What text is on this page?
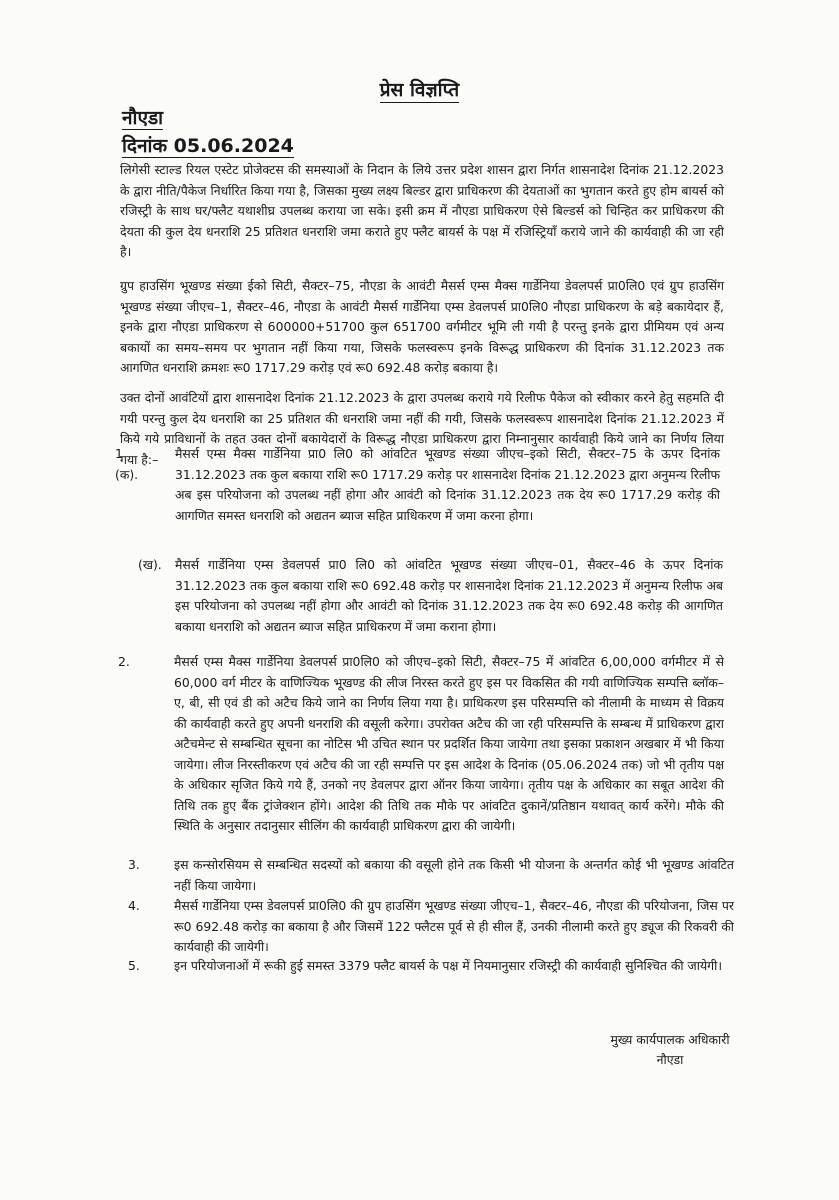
प्रेस विज्ञप्ति
नौएडा
दिनांक 05.06.2024
लिगेसी स्टाल्ड रियल एस्टेट प्रोजेक्टस की समस्याओं के निदान के लिये उत्तर प्रदेश शासन द्वारा निर्गत शासनादेश दिनांक 21.12.2023 के द्वारा नीति/पैकेज निर्धारित किया गया है, जिसका मुख्य लक्ष्य बिल्डर द्वारा प्राधिकरण की देयताओं का भुगतान करते हुए होम बायर्स को रजिस्ट्री के साथ घर/फ्लैट यथाशीघ्र उपलब्ध कराया जा सके। इसी क्रम में नौएडा प्राधिकरण ऐसे बिल्डर्स को चिन्हित कर प्राधिकरण की देयता की कुल देय धनराशि 25 प्रतिशत धनराशि जमा कराते हुए फ्लैट बायर्स के पक्ष में रजिस्ट्रियाँ कराये जाने की कार्यवाही की जा रही है।
ग्रुप हाउसिंग भूखण्ड संख्या ईको सिटी, सैक्टर–75, नौएडा के आवंटी मैसर्स एम्स मैक्स गार्डेनिया डेवलपर्स प्रा0लि0 एवं ग्रुप हाउसिंग भूखण्ड संख्या जीएच–1, सैक्टर–46, नौएडा के आवंटी मैसर्स गार्डेनिया एम्स डेवलपर्स प्रा0लि0 नौएडा प्राधिकरण के बड़े बकायेदार हैं, इनके द्वारा नौएडा प्राधिकरण से 600000+51700 कुल 651700 वर्गमीटर भूमि ली गयी है परन्तु इनके द्वारा प्रीमियम एवं अन्य बकायों का समय–समय पर भुगतान नहीं किया गया, जिसके फलस्वरूप इनके विरूद्ध प्राधिकरण की दिनांक 31.12.2023 तक आगणित धनराशि क्रमशः रू0 1717.29 करोड़ एवं रू0 692.48 करोड़ बकाया है।
उक्त दोनों आवंटियों द्वारा शासनादेश दिनांक 21.12.2023 के द्वारा उपलब्ध कराये गये रिलीफ पैकेज को स्वीकार करने हेतु सहमति दी गयी परन्तु कुल देय धनराशि का 25 प्रतिशत की धनराशि जमा नहीं की गयी, जिसके फलस्वरूप शासनादेश दिनांक 21.12.2023 में किये गये प्राविधानों के तहत उक्त दोनों बकायेदारों के विरूद्ध नौएडा प्राधिकरण द्वारा निम्नानुसार कार्यवाही किये जाने का निर्णय लिया गया है:–
1 (क).
मैसर्स एम्स मैक्स गार्डेनिया प्रा0 लि0 को आंवटित भूखण्ड संख्या जीएच–इको सिटी, सैक्टर–75 के ऊपर दिनांक 31.12.2023 तक कुल बकाया राशि रू0 1717.29 करोड़ पर शासनादेश दिनांक 21.12.2023 द्वारा अनुमन्य रिलीफ अब इस परियोजना को उपलब्ध नहीं होगा और आवंटी को दिनांक 31.12.2023 तक देय रू0 1717.29 करोड़ की आगणित समस्त धनराशि को अद्यतन ब्याज सहित प्राधिकरण में जमा करना होगा।
(ख). मैसर्स गार्डेनिया एम्स डेवलपर्स प्रा0 लि0 को आंवटित भूखण्ड संख्या जीएच–01, सैक्टर–46 के ऊपर दिनांक 31.12.2023 तक कुल बकाया राशि रू0 692.48 करोड़ पर शासनादेश दिनांक 21.12.2023 में अनुमन्य रिलीफ अब इस परियोजना को उपलब्ध नहीं होगा और आवंटी को दिनांक 31.12.2023 तक देय रू0 692.48 करोड़ की आगणित बकाया धनराशि को अद्यतन ब्याज सहित प्राधिकरण में जमा कराना होगा।
2.	मैसर्स एम्स मैक्स गार्डेनिया डेवलपर्स प्रा0लि0 को जीएच–इको सिटी, सैक्टर–75 में आंवटित 6,00,000 वर्गमीटर में से 60,000 वर्ग मीटर के वाणिज्यिक भूखण्ड की लीज निरस्त करते हुए इस पर विकसित की गयी वाणिज्यिक सम्पत्ति ब्लॉक–ए, बी, सी एवं डी को अटैच किये जाने का निर्णय लिया गया है। प्राधिकरण इस परिसम्पत्ति को नीलामी के माध्यम से विक्रय की कार्यवाही करते हुए अपनी धनराशि की वसूली करेगा। उपरोक्त अटैच की जा रही परिसम्पत्ति के सम्बन्ध में प्राधिकरण द्वारा अटैचमेन्ट से सम्बन्धित सूचना का नोटिस भी उचित स्थान पर प्रदर्शित किया जायेगा तथा इसका प्रकाशन अखबार में भी किया जायेगा। लीज निरस्तीकरण एवं अटैच की जा रही सम्पत्ति पर इस आदेश के दिनांक (05.06.2024 तक) जो भी तृतीय पक्ष के अधिकार सृजित किये गये हैं, उनको नए डेवलपर द्वारा ऑनर किया जायेगा। तृतीय पक्ष के अधिकार का सबूत आदेश की तिथि तक हुए बैंक ट्रांजेक्शन होंगे। आदेश की तिथि तक मौके पर आंवटित दुकानें/प्रतिष्ठान यथावत् कार्य करेंगे। मौके की स्थिति के अनुसार तदानुसार सीलिंग की कार्यवाही प्राधिकरण द्वारा की जायेगी।
3.	इस कन्सोरसियम से सम्बन्धित सदस्यों को बकाया की वसूली होने तक किसी भी योजना के अन्तर्गत कोई भी भूखण्ड आंवटित नहीं किया जायेगा।
4.	मैसर्स गार्डेनिया एम्स डेवलपर्स प्रा0लि0 की ग्रुप हाउसिंग भूखण्ड संख्या जीएच–1, सैक्टर–46, नौएडा की परियोजना, जिस पर रू0 692.48 करोड़ का बकाया है और जिसमें 122 फ्लैटस पूर्व से ही सील हैं, उनकी नीलामी करते हुए ड्यूज की रिकवरी की कार्यवाही की जायेगी।
5.	इन परियोजनाओं में रूकी हुई समस्त 3379 फ्लैट बायर्स के पक्ष में नियमानुसार रजिस्ट्री की कार्यवाही सुनिश्चित की जायेगी।
मुख्य कार्यपालक अधिकारी
नौएडा
